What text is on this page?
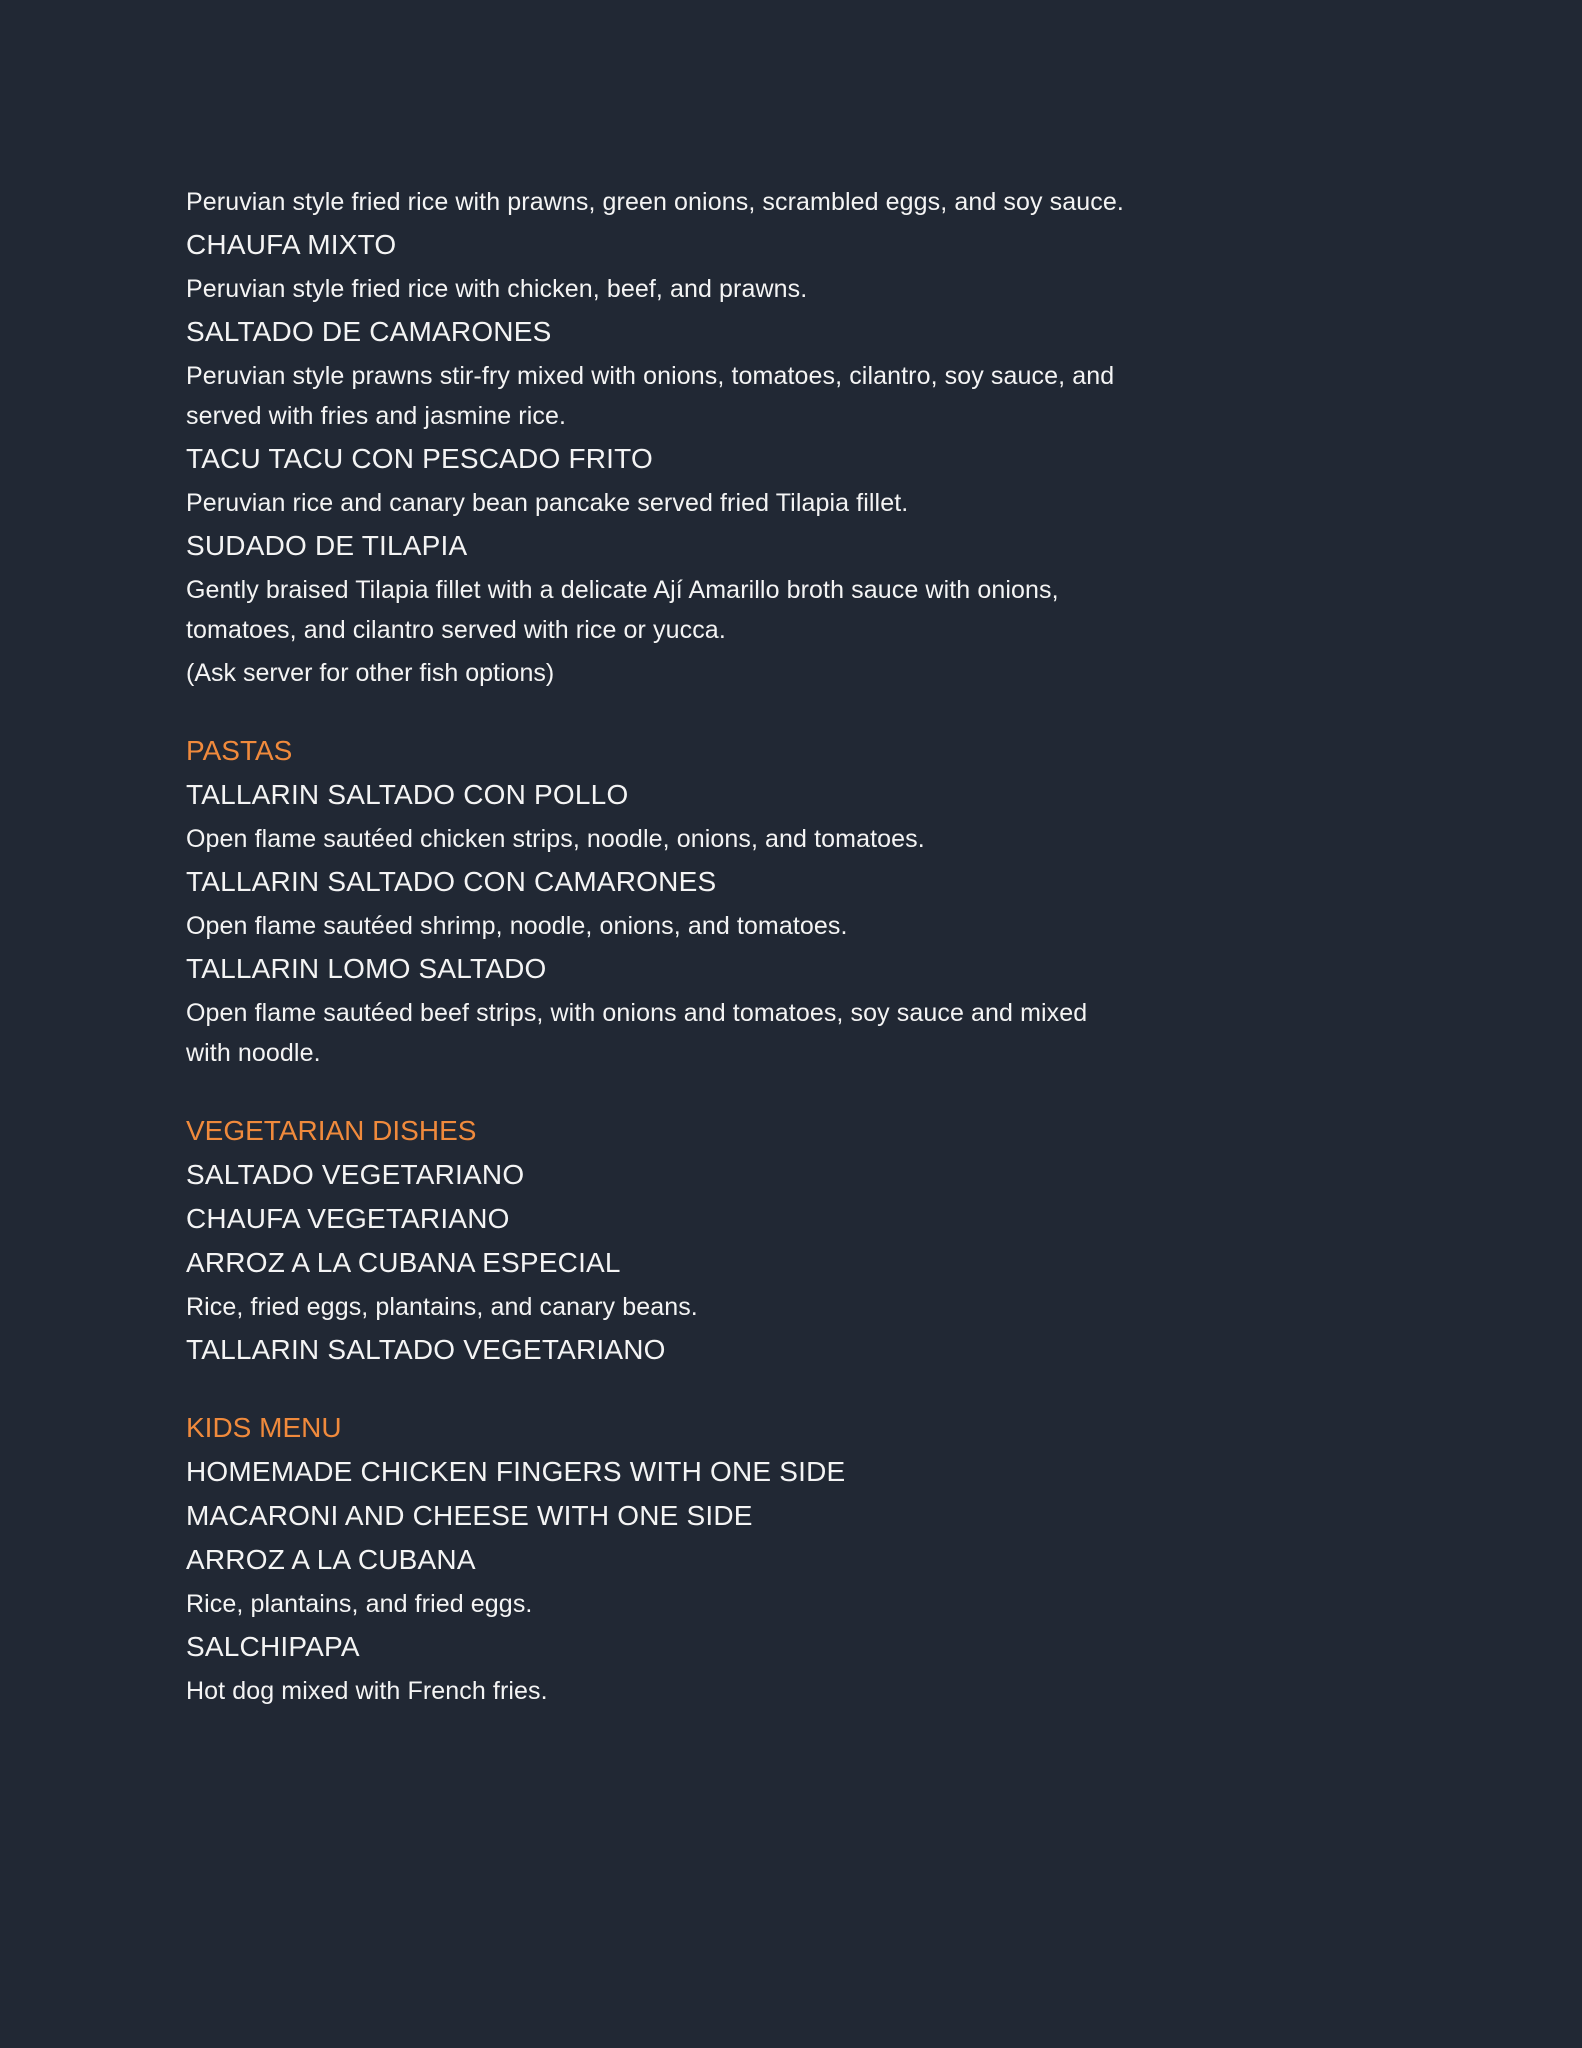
Peruvian style fried rice with prawns, green onions, scrambled eggs, and soy sauce.

CHAUFA MIXTO

Peruvian style fried rice with chicken, beef, and prawns.

SALTADO DE CAMARONES

Peruvian style prawns stir-fry mixed with onions, tomatoes, cilantro, soy sauce, and served with fries and jasmine rice.

TACU TACU CON PESCADO FRITO

Peruvian rice and canary bean pancake served fried Tilapia fillet.

SUDADO DE TILAPIA

Gently braised Tilapia fillet with a delicate Ají Amarillo broth sauce with onions, tomatoes, and cilantro served with rice or yucca.

(Ask server for other fish options)

PASTAS
TALLARIN SALTADO CON POLLO

Open flame sautéed chicken strips, noodle, onions, and tomatoes.

TALLARIN SALTADO CON CAMARONES

Open flame sautéed shrimp, noodle, onions, and tomatoes.

TALLARIN LOMO SALTADO

Open flame sautéed beef strips, with onions and tomatoes, soy sauce and mixed with noodle.

VEGETARIAN DISHES
SALTADO VEGETARIANO
CHAUFA VEGETARIANO
ARROZ A LA CUBANA ESPECIAL

Rice, fried eggs, plantains, and canary beans.

TALLARIN SALTADO VEGETARIANO
KIDS MENU
HOMEMADE CHICKEN FINGERS WITH ONE SIDE
MACARONI AND CHEESE WITH ONE SIDE
ARROZ A LA CUBANA

Rice, plantains, and fried eggs.

SALCHIPAPA

Hot dog mixed with French fries.
